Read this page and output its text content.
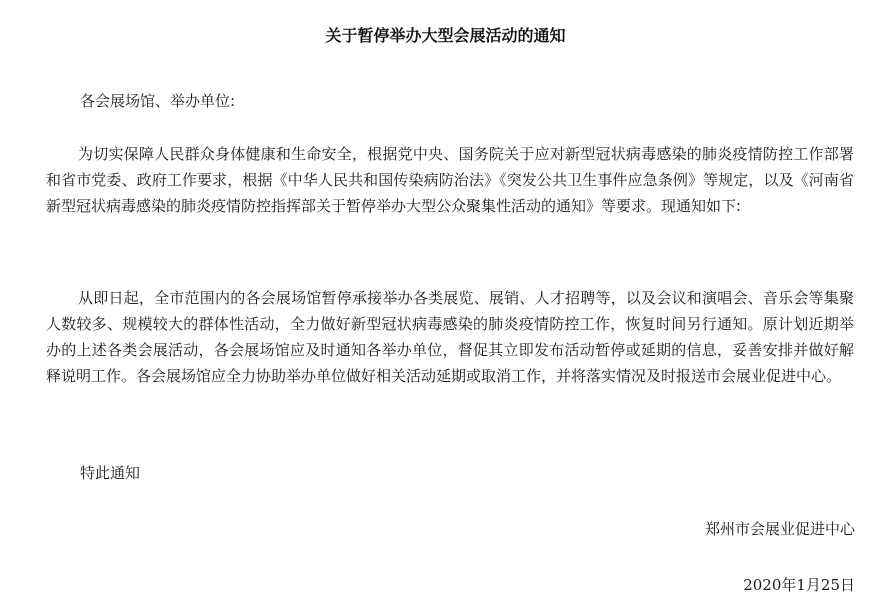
关于暂停举办大型会展活动的通知
各会展场馆、举办单位:
为切实保障人民群众身体健康和生命安全，根据党中央、国务院关于应对新型冠状病毒感染的肺炎疫情防控工作部署和省市党委、政府工作要求，根据《中华人民共和国传染病防治法》《突发公共卫生事件应急条例》等规定，以及《河南省新型冠状病毒感染的肺炎疫情防控指挥部关于暂停举办大型公众聚集性活动的通知》等要求。现通知如下:
从即日起，全市范围内的各会展场馆暂停承接举办各类展览、展销、人才招聘等，以及会议和演唱会、音乐会等集聚人数较多、规模较大的群体性活动，全力做好新型冠状病毒感染的肺炎疫情防控工作，恢复时间另行通知。原计划近期举办的上述各类会展活动，各会展场馆应及时通知各举办单位，督促其立即发布活动暂停或延期的信息，妥善安排并做好解释说明工作。各会展场馆应全力协助举办单位做好相关活动延期或取消工作，并将落实情况及时报送市会展业促进中心。
特此通知
郑州市会展业促进中心
2020年1月25日
